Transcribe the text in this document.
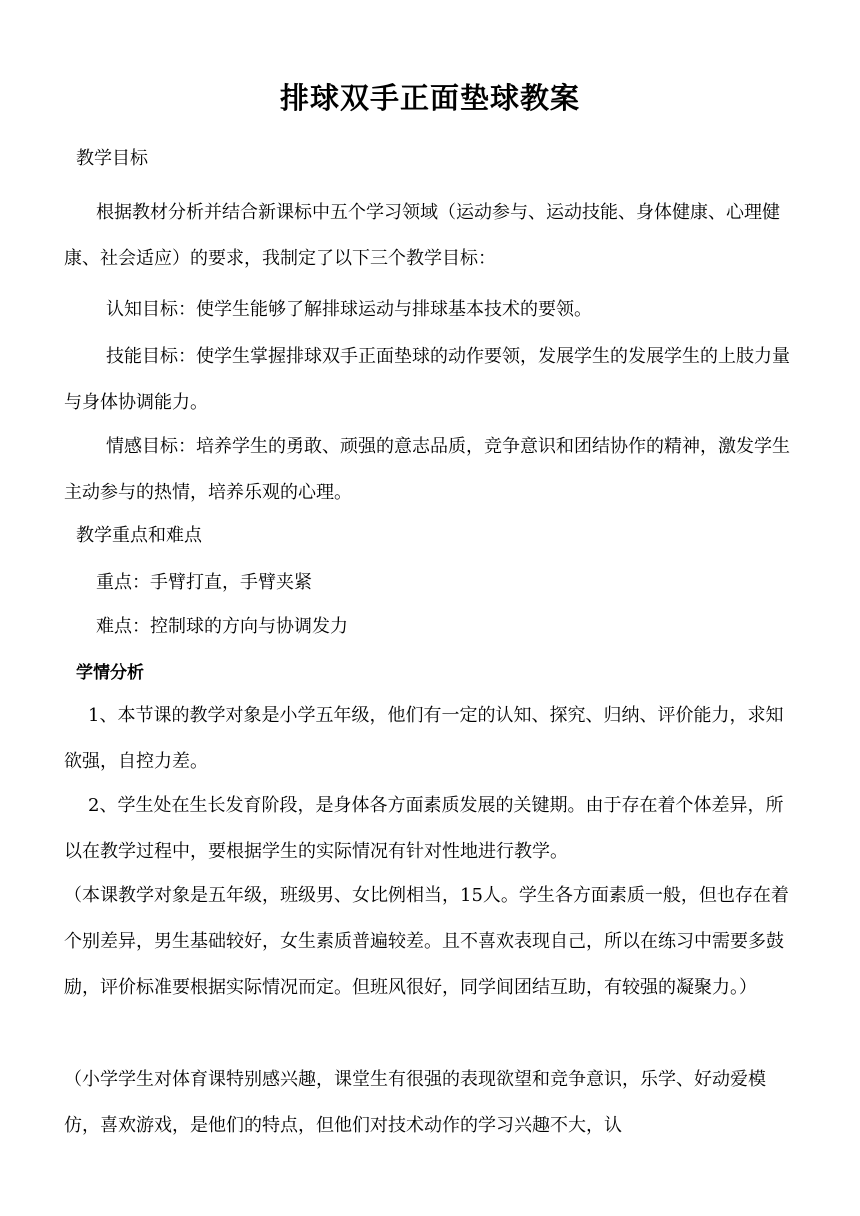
排球双手正面垫球教案
教学目标
根据教材分析并结合新课标中五个学习领域（运动参与、运动技能、身体健康、心理健康、社会适应）的要求，我制定了以下三个教学目标：
认知目标：使学生能够了解排球运动与排球基本技术的要领。
技能目标：使学生掌握排球双手正面垫球的动作要领，发展学生的发展学生的上肢力量与身体协调能力。
情感目标：培养学生的勇敢、顽强的意志品质，竞争意识和团结协作的精神，激发学生主动参与的热情，培养乐观的心理。
教学重点和难点
重点：手臂打直，手臂夹紧
难点：控制球的方向与协调发力
学情分析
1、本节课的教学对象是小学五年级，他们有一定的认知、探究、归纳、评价能力，求知欲强，自控力差。
2、学生处在生长发育阶段，是身体各方面素质发展的关键期。由于存在着个体差异，所以在教学过程中，要根据学生的实际情况有针对性地进行教学。
（本课教学对象是五年级，班级男、女比例相当，15人。学生各方面素质一般，但也存在着个别差异，男生基础较好，女生素质普遍较差。且不喜欢表现自己，所以在练习中需要多鼓励，评价标准要根据实际情况而定。但班风很好，同学间团结互助，有较强的凝聚力。）
（小学学生对体育课特别感兴趣，课堂生有很强的表现欲望和竞争意识，乐学、好动爱模仿，喜欢游戏，是他们的特点，但他们对技术动作的学习兴趣不大，认
